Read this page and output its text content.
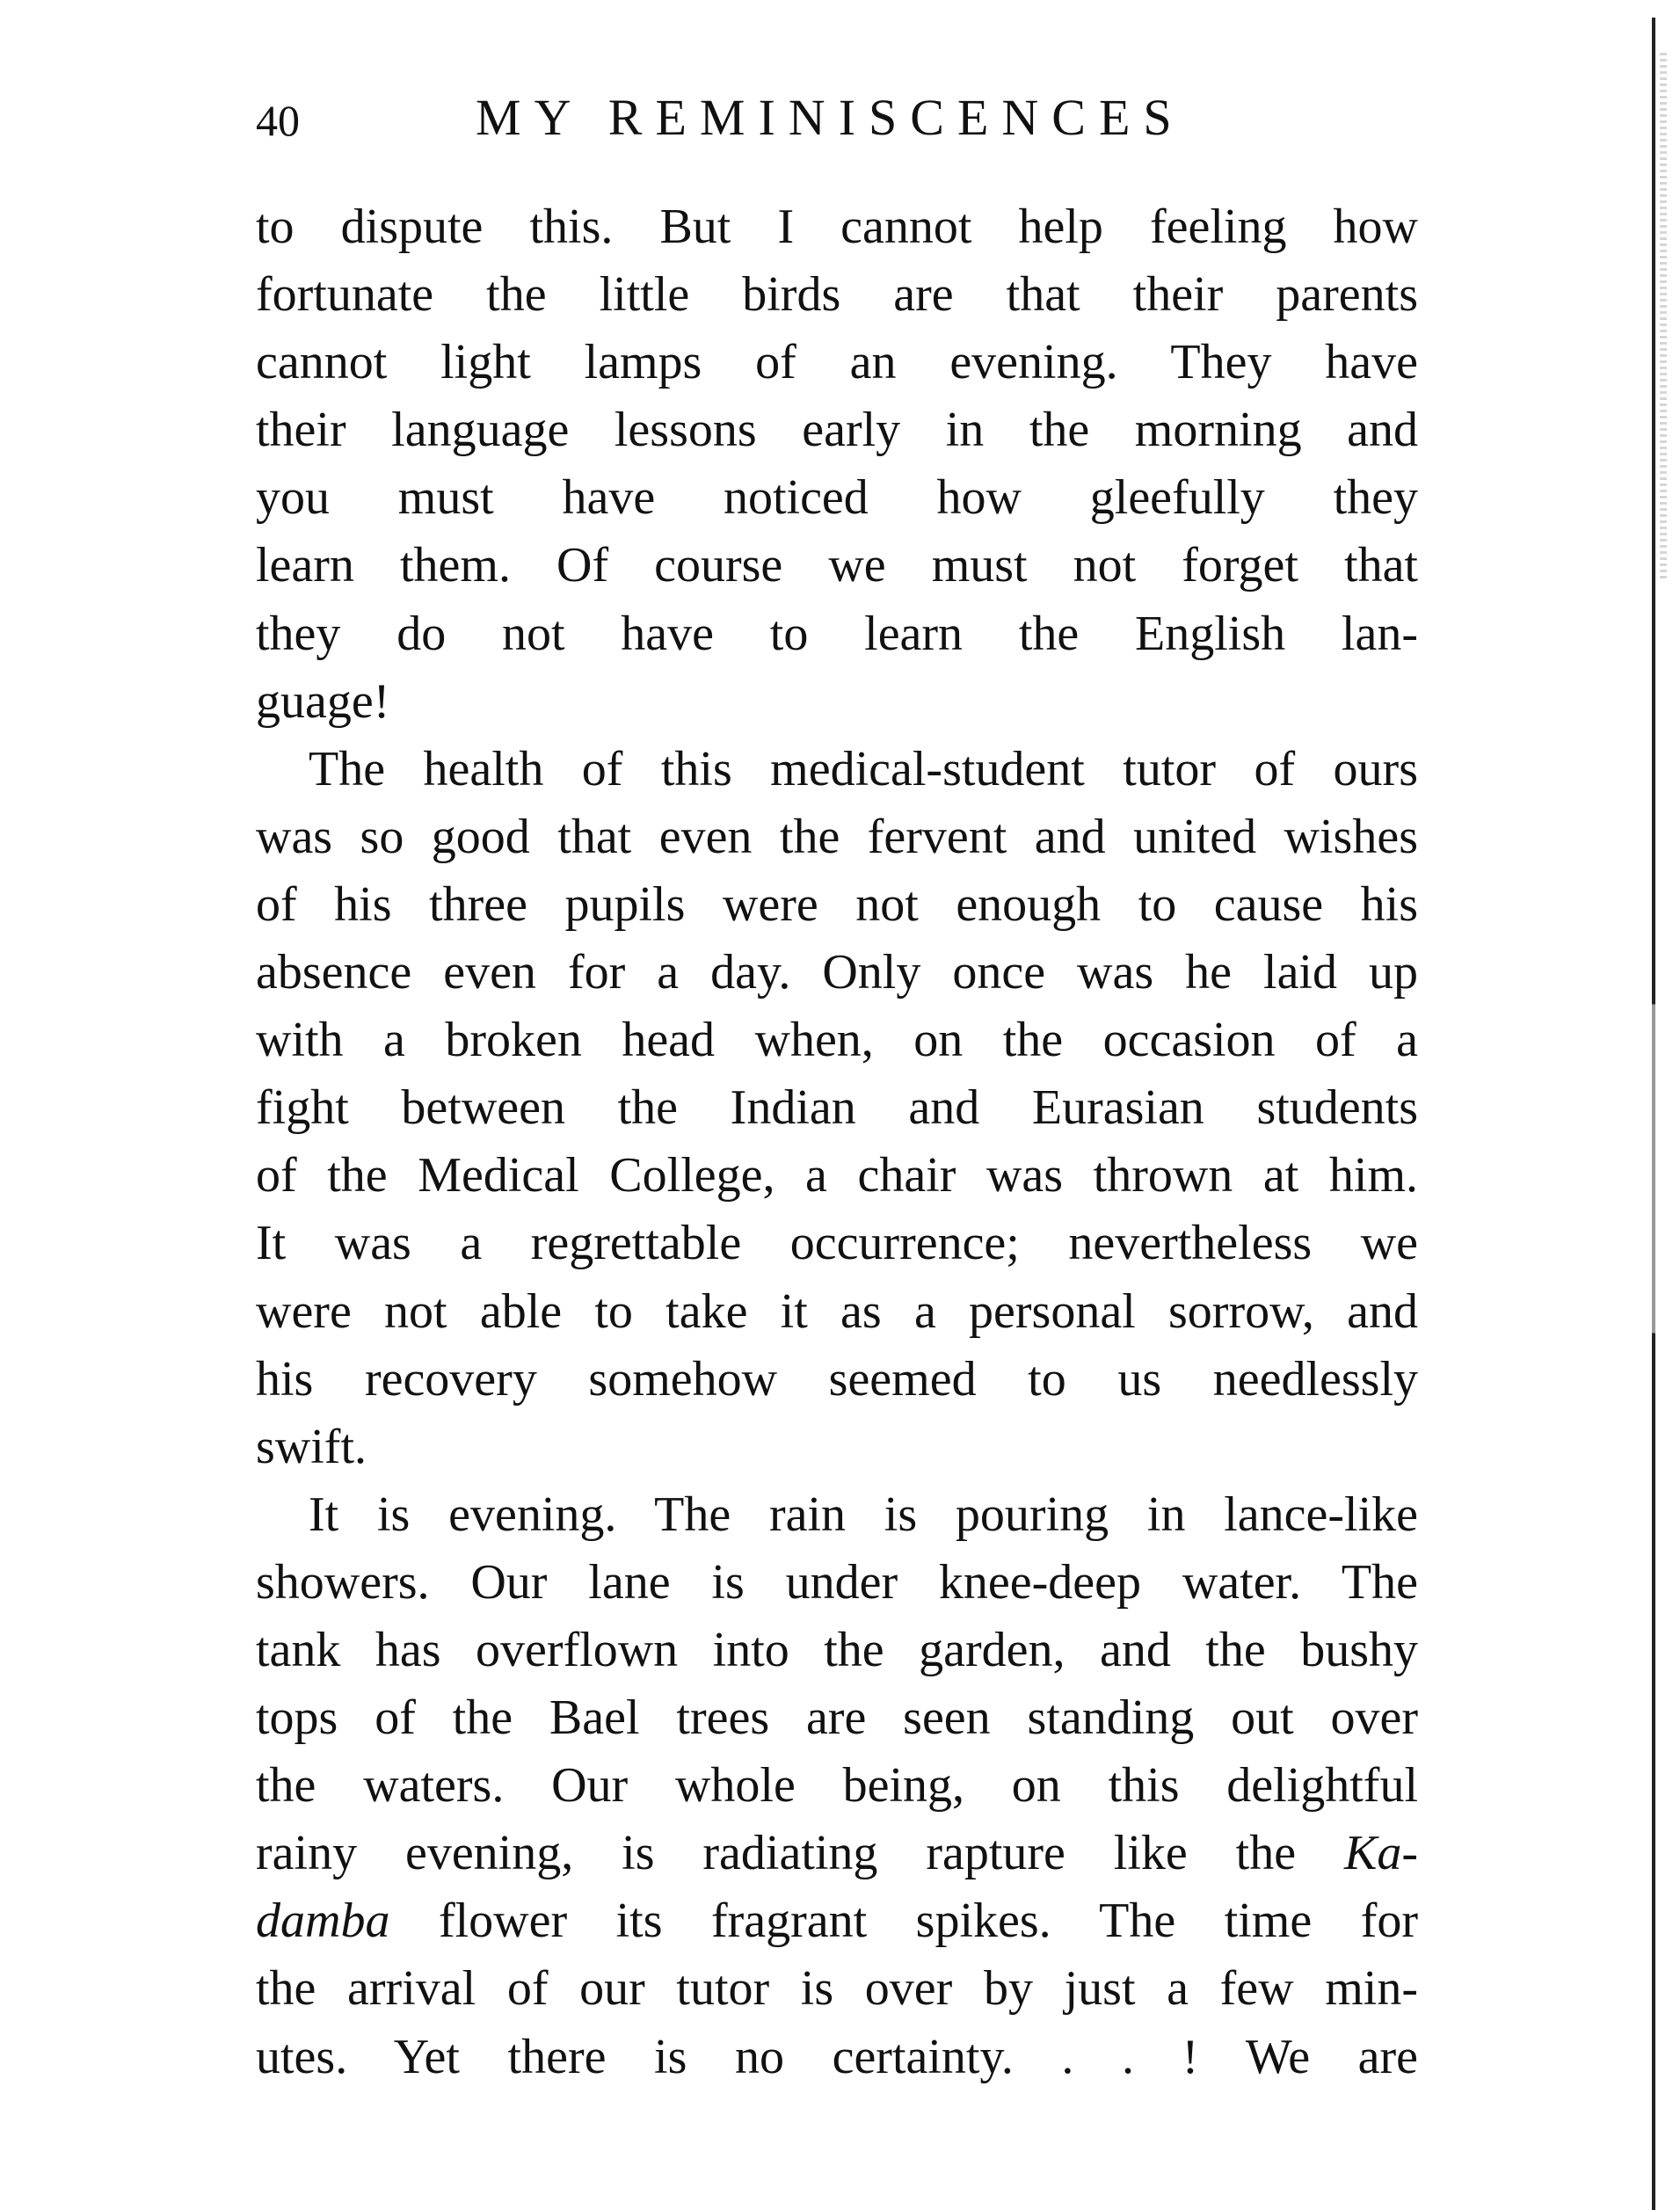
40	MY REMINISCENCES
to dispute this. But I cannot help feeling how
fortunate the little birds are that their parents
cannot light lamps of an evening. They have
their language lessons early in the morning and
you must have noticed how gleefully they
learn them. Of course we must not forget that
they do not have to learn the English lan-
guage!
The health of this medical-student tutor of ours
was so good that even the fervent and united wishes
of his three pupils were not enough to cause his
absence even for a day. Only once was he laid up
with a broken head when, on the occasion of a
fight between the Indian and Eurasian students
of the Medical College, a chair was thrown at him.
It was a regrettable occurrence; nevertheless we
were not able to take it as a personal sorrow, and
his recovery somehow seemed to us needlessly
swift.
It is evening. The rain is pouring in lance-like
showers. Our lane is under knee-deep water. The
tank has overflown into the garden, and the bushy
tops of the Bael trees are seen standing out over
the waters. Our whole being, on this delightful
rainy evening, is radiating rapture like the Ka-
damba flower its fragrant spikes. The time for
the arrival of our tutor is over by just a few min-
utes. Yet there is no certainty. . . ! We are
